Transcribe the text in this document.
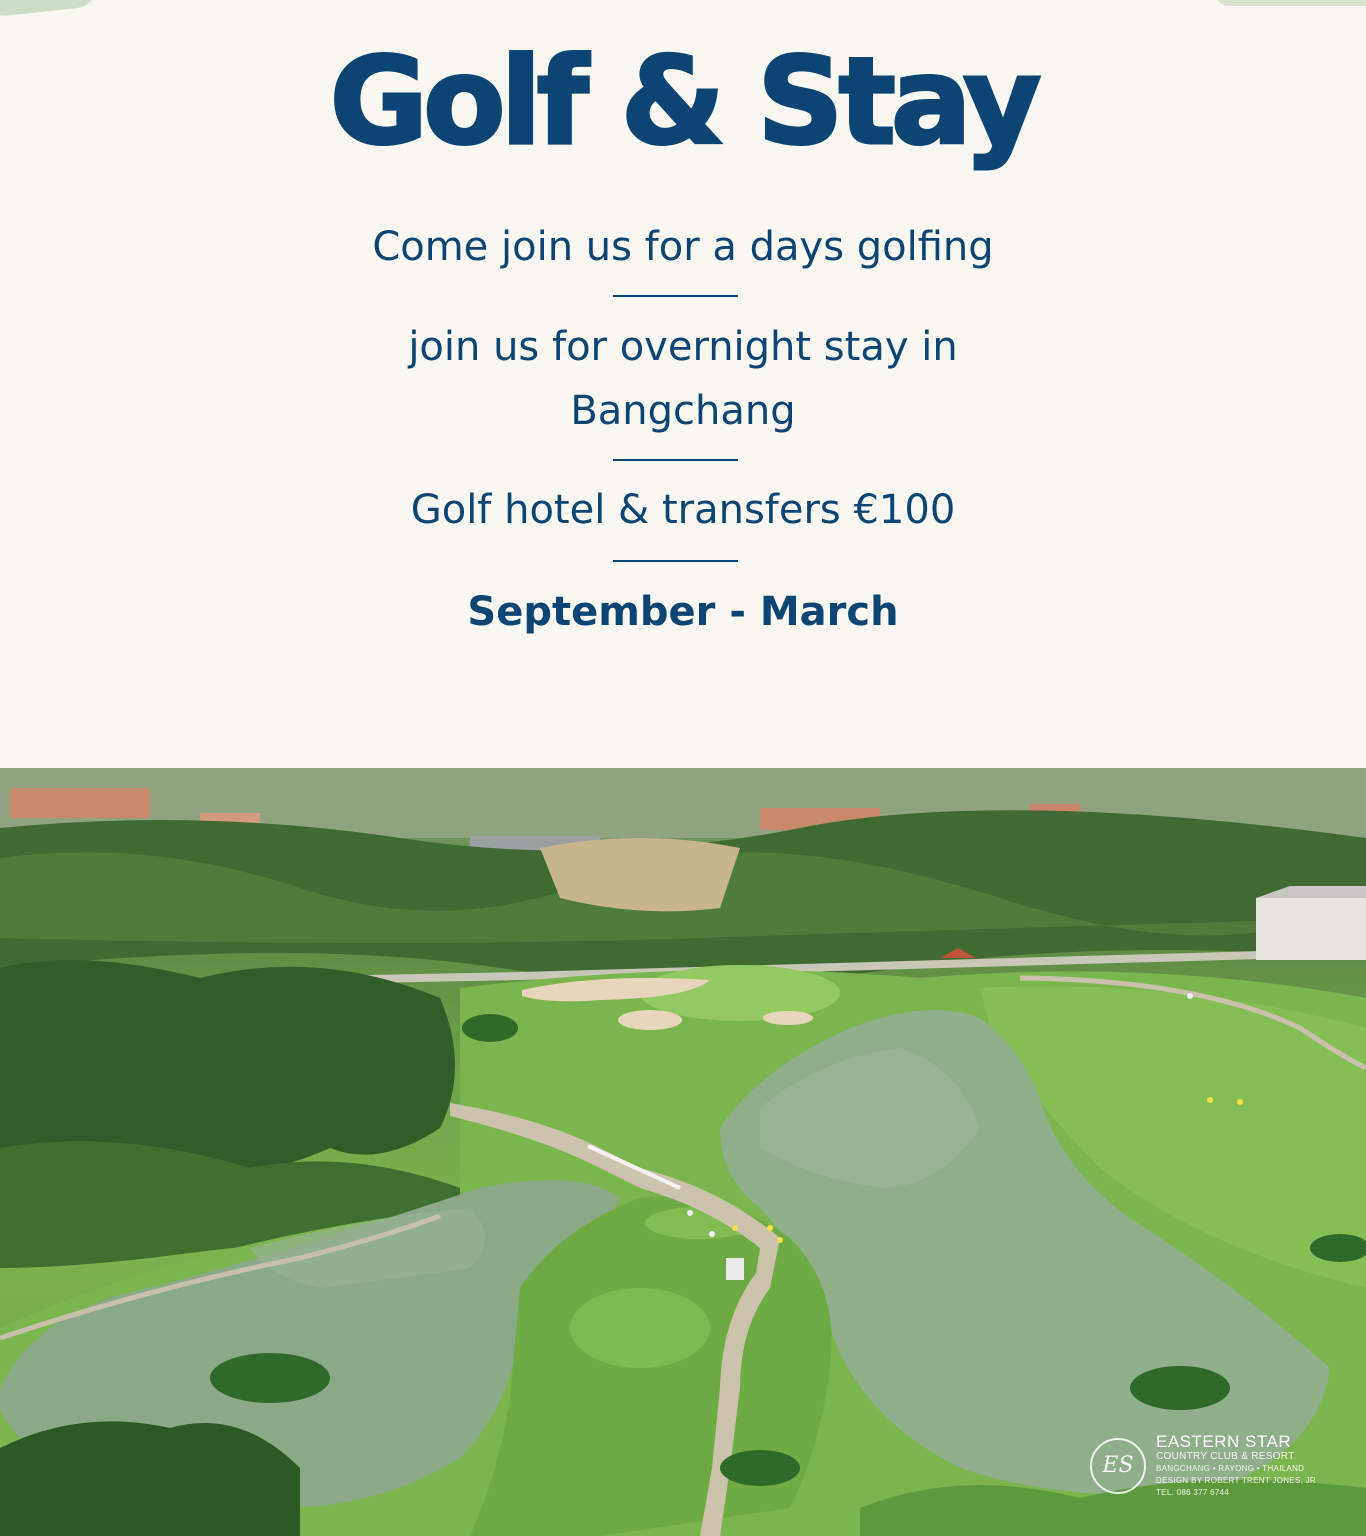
Golf & Stay

Come join us for a days golfing

join us for overnight stay in Bangchang

Golf hotel & transfers €100

September - March

ES
EASTERN STAR
COUNTRY CLUB & RESORT
BANGCHANG • RAYONG • THAILAND
DESIGN BY ROBERT TRENT JONES, JR
TEL. 086 377 6744
